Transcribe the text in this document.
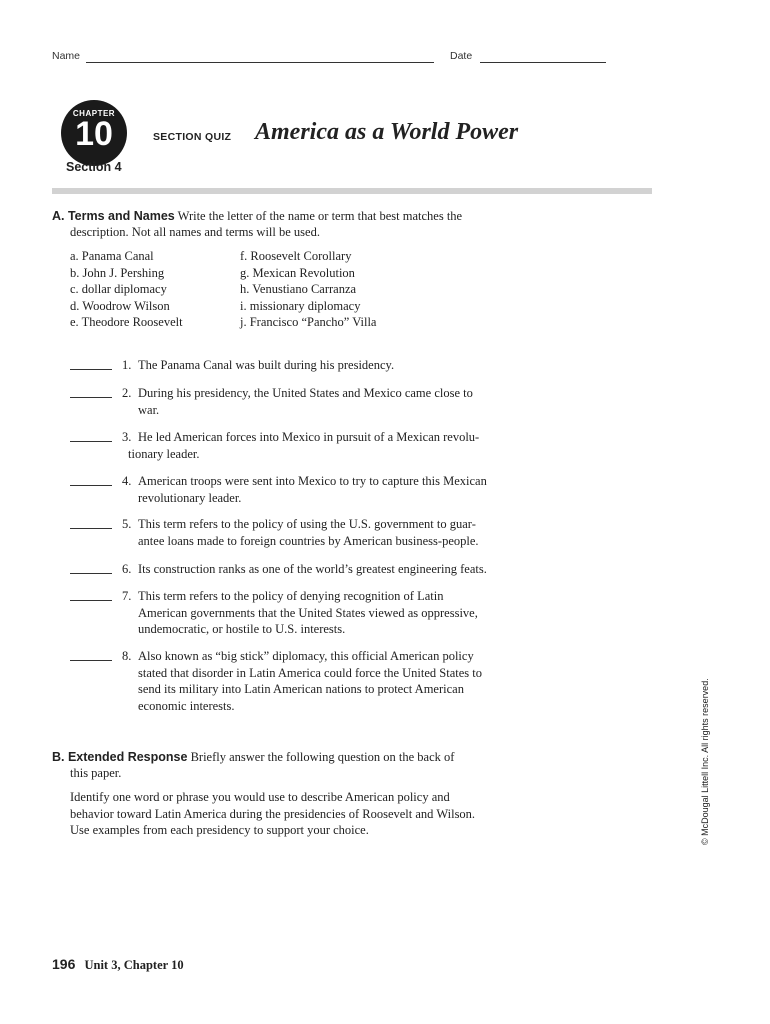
Name	Date
CHAPTER
10
Section 4
SECTION QUIZ America as a World Power
A. Terms and Names Write the letter of the name or term that best matches the
description. Not all names and terms will be used.
a. Panama Canal
b. John J. Pershing
c. dollar diplomacy
d. Woodrow Wilson
e. Theodore Roosevelt
f. Roosevelt Corollary
g. Mexican Revolution
h. Venustiano Carranza
i. missionary diplomacy
j. Francisco “Pancho” Villa
1. The Panama Canal was built during his presidency.
2. During his presidency, the United States and Mexico came close to
war.
3. He led American forces into Mexico in pursuit of a Mexican revolu-
tionary leader.
4. American troops were sent into Mexico to try to capture this Mexican
revolutionary leader.
5. This term refers to the policy of using the U.S. government to guar-
antee loans made to foreign countries by American business-people.
6. Its construction ranks as one of the world’s greatest engineering feats.
7. This term refers to the policy of denying recognition of Latin
American governments that the United States viewed as oppressive,
undemocratic, or hostile to U.S. interests.
8. Also known as “big stick” diplomacy, this official American policy
stated that disorder in Latin America could force the United States to
send its military into Latin American nations to protect American
economic interests.
B. Extended Response Briefly answer the following question on the back of
this paper.
Identify one word or phrase you would use to describe American policy and
behavior toward Latin America during the presidencies of Roosevelt and Wilson.
Use examples from each presidency to support your choice.	© McDougal Littell Inc. All rights reserved.
196 Unit 3, Chapter 10
